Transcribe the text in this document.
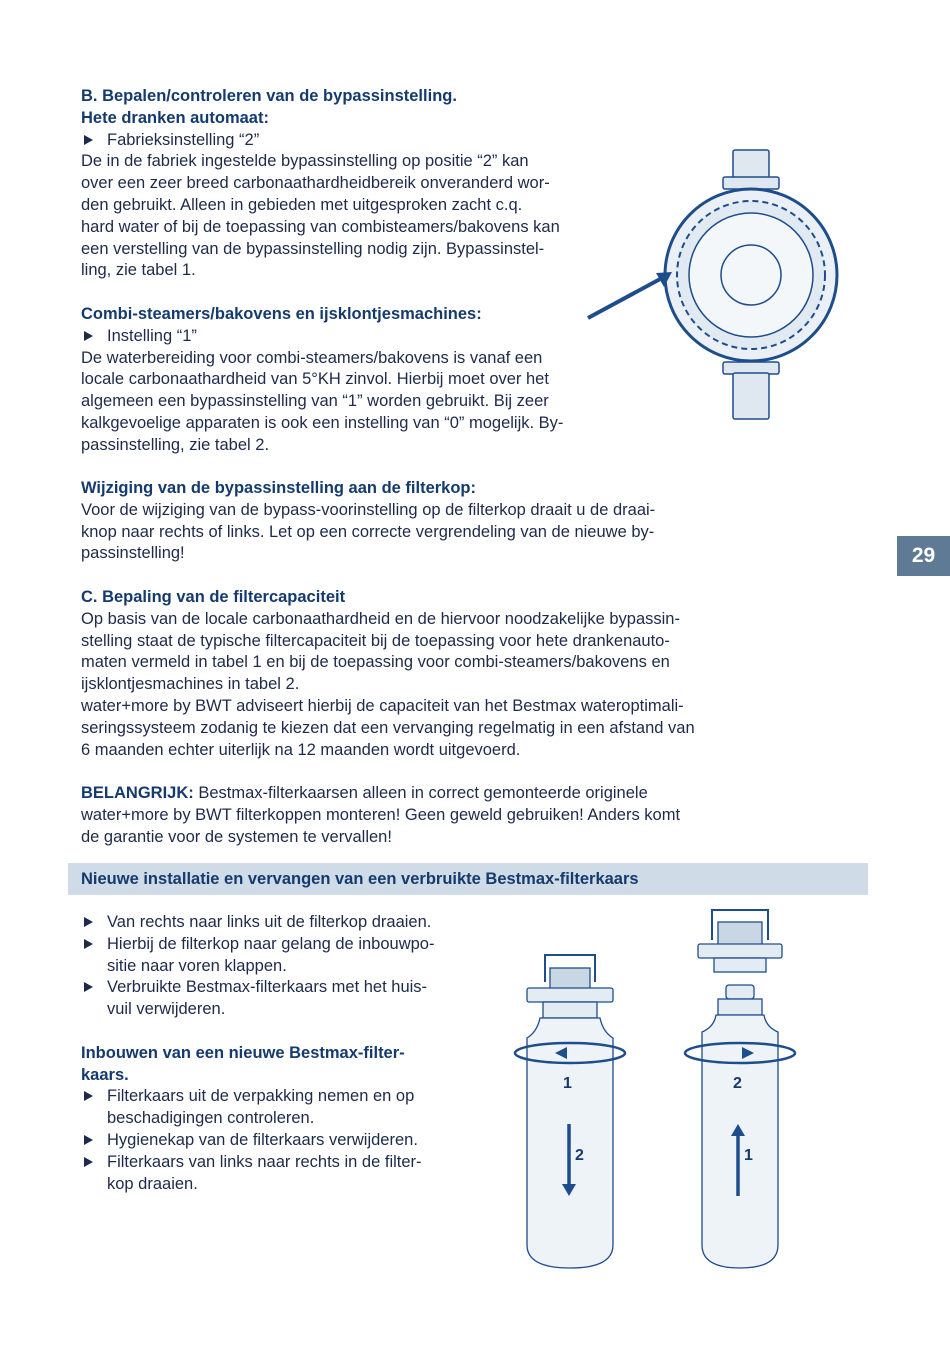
B. Bepalen/controleren van de bypassinstelling.

Hete dranken automaat:

Fabrieksinstelling “2”

De in de fabriek ingestelde bypassinstelling op positie “2” kan

over een zeer breed carbonaathardheidbereik onveranderd wor-

den gebruikt. Alleen in gebieden met uitgesproken zacht c.q.

hard water of bij de toepassing van combisteamers/bakovens kan

een verstelling van de bypassinstelling nodig zijn. Bypassinstel-

ling, zie tabel 1.

Combi-steamers/bakovens en ijsklontjesmachines:

Instelling “1”

De waterbereiding voor combi-steamers/bakovens is vanaf een

locale carbonaathardheid van 5°KH zinvol. Hierbij moet over het

algemeen een bypassinstelling van “1” worden gebruikt. Bij zeer

kalkgevoelige apparaten is ook een instelling van “0” mogelijk. By-

passinstelling, zie tabel 2.

Wijziging van de bypassinstelling aan de filterkop:

Voor de wijziging van de bypass-voorinstelling op de filterkop draait u de draai-

knop naar rechts of links. Let op een correcte vergrendeling van de nieuwe by-

passinstelling!

C. Bepaling van de filtercapaciteit

Op basis van de locale carbonaathardheid en de hiervoor noodzakelijke bypassin-

stelling staat de typische filtercapaciteit bij de toepassing voor hete drankenauto-

maten vermeld in tabel 1 en bij de toepassing voor combi-steamers/bakovens en

ijsklontjesmachines in tabel 2.

water+more by BWT adviseert hierbij de capaciteit van het Bestmax wateroptimali-

seringssysteem zodanig te kiezen dat een vervanging regelmatig in een afstand van

6 maanden echter uiterlijk na 12 maanden wordt uitgevoerd.

BELANGRIJK: Bestmax-filterkaarsen alleen in correct gemonteerde originele

water+more by BWT filterkoppen monteren! Geen geweld gebruiken! Anders komt

de garantie voor de systemen te vervallen!

Nieuwe installatie en vervangen van een verbruikte Bestmax-filterkaars

Van rechts naar links uit de filterkop draaien.

Hierbij de filterkop naar gelang de inbouwpo-
sitie naar voren klappen.

Verbruikte Bestmax-filterkaars met het huis-
vuil verwijderen.

Inbouwen van een nieuwe Bestmax-filter-
kaars.

Filterkaars uit de verpakking nemen en op
beschadigingen controleren.

Hygienekap van de filterkaars verwijderen.

Filterkaars van links naar rechts in de filter-
kop draaien.

29
1
2
2
1
